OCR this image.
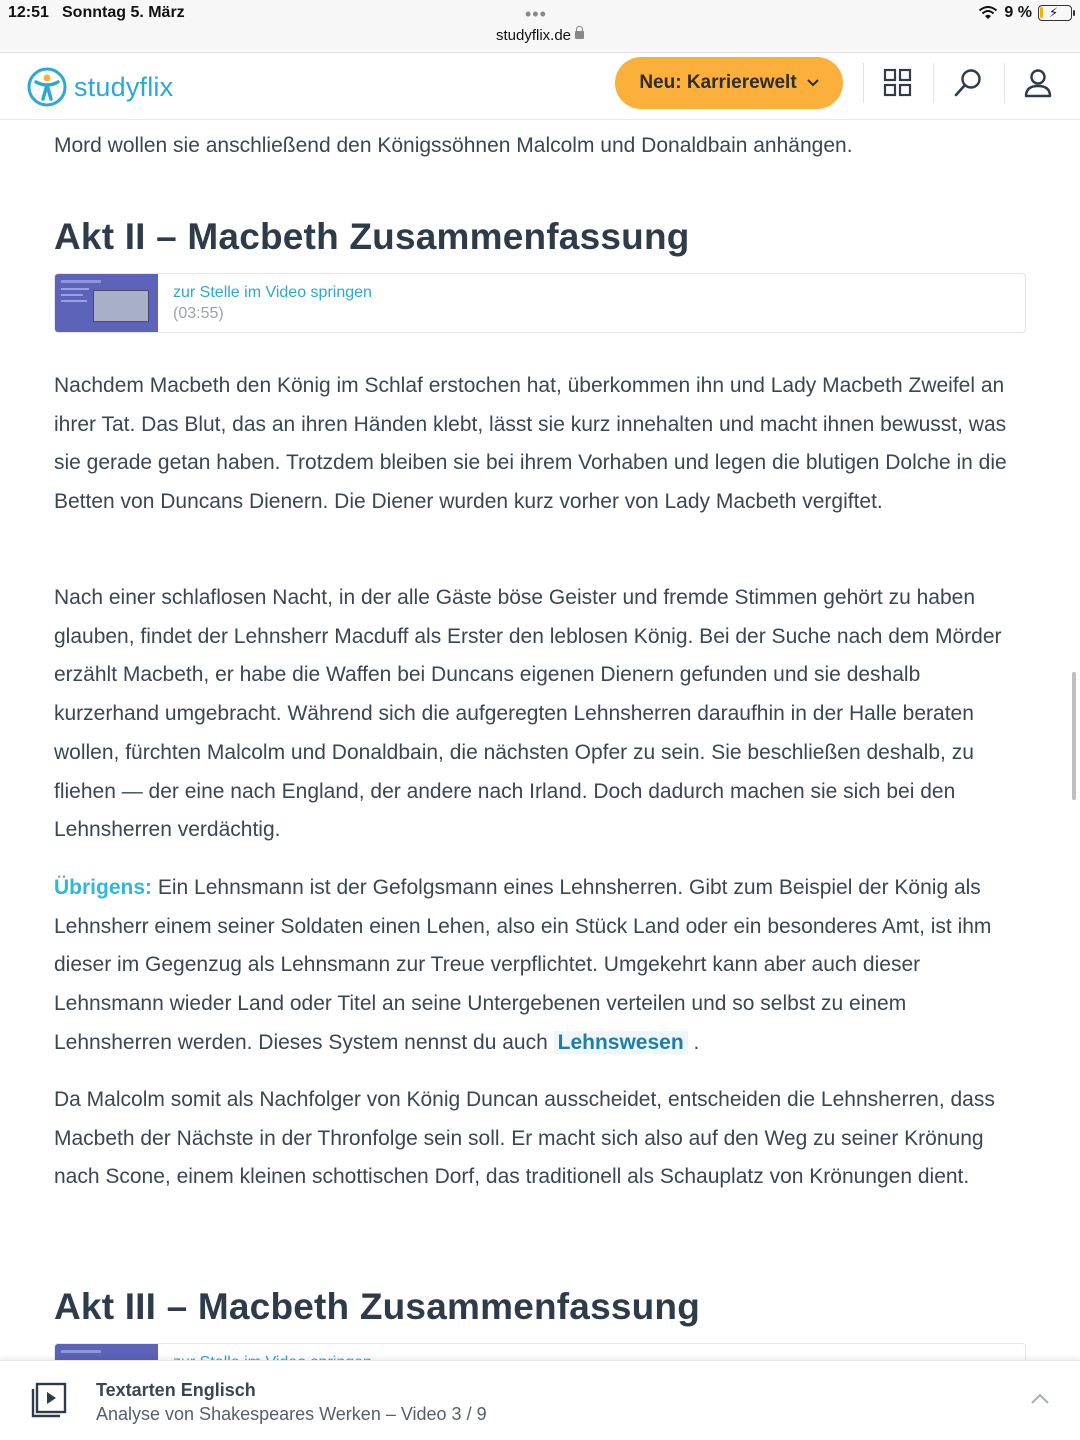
12:51 Sonntag 5. März	•••
studyflix.de
9 % ⚡
studyflix	Neu: Karrierewelt
Mord wollen sie anschließend den Königssöhnen Malcolm und Donaldbain anhängen.
Akt II – Macbeth Zusammenfassung
zur Stelle im Video springen
(03:55)
Nachdem Macbeth den König im Schlaf erstochen hat, überkommen ihn und Lady Macbeth Zweifel an ihrer Tat. Das Blut, das an ihren Händen klebt, lässt sie kurz innehalten und macht ihnen bewusst, was sie gerade getan haben. Trotzdem bleiben sie bei ihrem Vorhaben und legen die blutigen Dolche in die Betten von Duncans Dienern. Die Diener wurden kurz vorher von Lady Macbeth vergiftet.
Nach einer schlaflosen Nacht, in der alle Gäste böse Geister und fremde Stimmen gehört zu haben glauben, findet der Lehnsherr Macduff als Erster den leblosen König. Bei der Suche nach dem Mörder erzählt Macbeth, er habe die Waffen bei Duncans eigenen Dienern gefunden und sie deshalb kurzerhand umgebracht. Während sich die aufgeregten Lehnsherren daraufhin in der Halle beraten wollen, fürchten Malcolm und Donaldbain, die nächsten Opfer zu sein. Sie beschließen deshalb, zu fliehen — der eine nach England, der andere nach Irland. Doch dadurch machen sie sich bei den Lehnsherren verdächtig.
Übrigens: Ein Lehnsmann ist der Gefolgsmann eines Lehnsherren. Gibt zum Beispiel der König als Lehnsherr einem seiner Soldaten einen Lehen, also ein Stück Land oder ein besonderes Amt, ist ihm dieser im Gegenzug als Lehnsmann zur Treue verpflichtet. Umgekehrt kann aber auch dieser Lehnsmann wieder Land oder Titel an seine Untergebenen verteilen und so selbst zu einem Lehnsherren werden. Dieses System nennst du auch Lehnswesen .
Da Malcolm somit als Nachfolger von König Duncan ausscheidet, entscheiden die Lehnsherren, dass Macbeth der Nächste in der Thronfolge sein soll. Er macht sich also auf den Weg zu seiner Krönung nach Scone, einem kleinen schottischen Dorf, das traditionell als Schauplatz von Krönungen dient.
Akt III – Macbeth Zusammenfassung
Textarten Englisch
Analyse von Shakespeares Werken – Video 3 / 9
